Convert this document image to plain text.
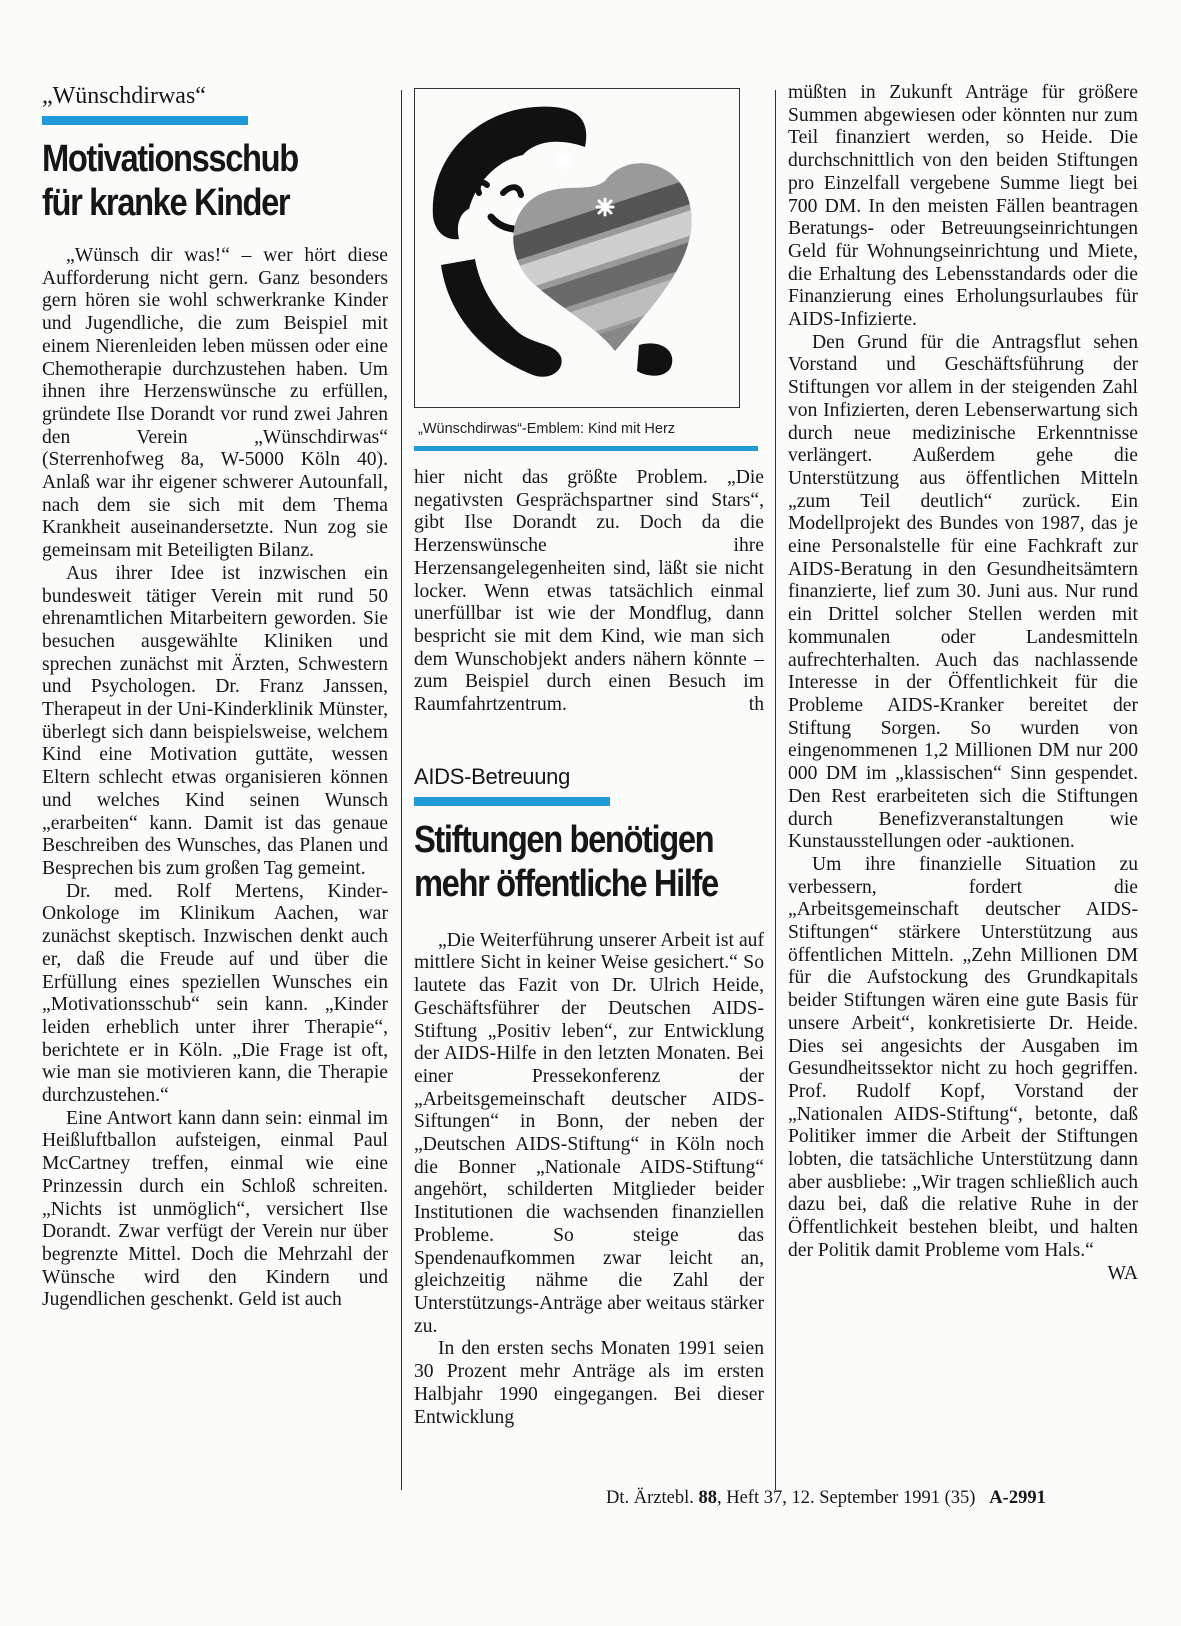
„Wünschdirwas“
Motivationsschub
für kranke Kinder

„Wünsch dir was!“ – wer hört diese Aufforderung nicht gern. Ganz besonders gern hören sie wohl schwerkranke Kinder und Jugendliche, die zum Beispiel mit einem Nierenleiden leben müssen oder eine Chemotherapie durchzustehen haben. Um ihnen ihre Herzenswünsche zu erfüllen, gründete Ilse Dorandt vor rund zwei Jahren den Verein „Wünschdirwas“ (Sterrenhofweg 8a, W-5000 Köln 40). Anlaß war ihr eigener schwerer Autounfall, nach dem sie sich mit dem Thema Krankheit auseinandersetzte. Nun zog sie gemeinsam mit Beteiligten Bilanz.

Aus ihrer Idee ist inzwischen ein bundesweit tätiger Verein mit rund 50 ehrenamtlichen Mitarbeitern geworden. Sie besuchen ausgewählte Kliniken und sprechen zunächst mit Ärzten, Schwestern und Psychologen. Dr. Franz Janssen, Therapeut in der Uni-Kinderklinik Münster, überlegt sich dann beispielsweise, welchem Kind eine Motivation guttäte, wessen Eltern schlecht etwas organisieren können und welches Kind seinen Wunsch „erarbeiten“ kann. Damit ist das genaue Beschreiben des Wunsches, das Planen und Besprechen bis zum großen Tag gemeint.

Dr. med. Rolf Mertens, Kinder-Onkologe im Klinikum Aachen, war zunächst skeptisch. Inzwischen denkt auch er, daß die Freude auf und über die Erfüllung eines speziellen Wunsches ein „Motivationsschub“ sein kann. „Kinder leiden erheblich unter ihrer Therapie“, berichtete er in Köln. „Die Frage ist oft, wie man sie motivieren kann, die Therapie durchzustehen.“

Eine Antwort kann dann sein: einmal im Heißluftballon aufsteigen, einmal Paul McCartney treffen, einmal wie eine Prinzessin durch ein Schloß schreiten. „Nichts ist unmöglich“, versichert Ilse Dorandt. Zwar verfügt der Verein nur über begrenzte Mittel. Doch die Mehrzahl der Wünsche wird den Kindern und Jugendlichen geschenkt. Geld ist auch

„Wünschdirwas“-Emblem: Kind mit Herz

hier nicht das größte Problem. „Die negativsten Gesprächspartner sind Stars“, gibt Ilse Dorandt zu. Doch da die Herzenswünsche ihre Herzensangelegenheiten sind, läßt sie nicht locker. Wenn etwas tatsächlich einmal unerfüllbar ist wie der Mondflug, dann bespricht sie mit dem Kind, wie man sich dem Wunschobjekt anders nähern könnte – zum Beispiel durch einen Besuch im Raumfahrtzentrum.	th

AIDS-Betreuung
Stiftungen benötigen
mehr öffentliche Hilfe

„Die Weiterführung unserer Arbeit ist auf mittlere Sicht in keiner Weise gesichert.“ So lautete das Fazit von Dr. Ulrich Heide, Geschäftsführer der Deutschen AIDS-Stiftung „Positiv leben“, zur Entwicklung der AIDS-Hilfe in den letzten Monaten. Bei einer Pressekonferenz der „Arbeitsgemeinschaft deutscher AIDS-Siftungen“ in Bonn, der neben der „Deutschen AIDS-Stiftung“ in Köln noch die Bonner „Nationale AIDS-Stiftung“ angehört, schilderten Mitglieder beider Institutionen die wachsenden finanziellen Probleme. So steige das Spendenaufkommen zwar leicht an, gleichzeitig nähme die Zahl der Unterstützungs-Anträge aber weitaus stärker zu.

In den ersten sechs Monaten 1991 seien 30 Prozent mehr Anträge als im ersten Halbjahr 1990 eingegangen. Bei dieser Entwicklung

müßten in Zukunft Anträge für größere Summen abgewiesen oder könnten nur zum Teil finanziert werden, so Heide. Die durchschnittlich von den beiden Stiftungen pro Einzelfall vergebene Summe liegt bei 700 DM. In den meisten Fällen beantragen Beratungs- oder Betreuungseinrichtungen Geld für Wohnungseinrichtung und Miete, die Erhaltung des Lebensstandards oder die Finanzierung eines Erholungsurlaubes für AIDS-Infizierte.

Den Grund für die Antragsflut sehen Vorstand und Geschäftsführung der Stiftungen vor allem in der steigenden Zahl von Infizierten, deren Lebenserwartung sich durch neue medizinische Erkenntnisse verlängert. Außerdem gehe die Unterstützung aus öffentlichen Mitteln „zum Teil deutlich“ zurück. Ein Modellprojekt des Bundes von 1987, das je eine Personalstelle für eine Fachkraft zur AIDS-Beratung in den Gesundheitsämtern finanzierte, lief zum 30. Juni aus. Nur rund ein Drittel solcher Stellen werden mit kommunalen oder Landesmitteln aufrechterhalten. Auch das nachlassende Interesse in der Öffentlichkeit für die Probleme AIDS-Kranker bereitet der Stiftung Sorgen. So wurden von eingenommenen 1,2 Millionen DM nur 200 000 DM im „klassischen“ Sinn gespendet. Den Rest erarbeiteten sich die Stiftungen durch Benefizveranstaltungen wie Kunstausstellungen oder -auktionen.

Um ihre finanzielle Situation zu verbessern, fordert die „Arbeitsgemeinschaft deutscher AIDS-Stiftungen“ stärkere Unterstützung aus öffentlichen Mitteln. „Zehn Millionen DM für die Aufstockung des Grundkapitals beider Stiftungen wären eine gute Basis für unsere Arbeit“, konkretisierte Dr. Heide. Dies sei angesichts der Ausgaben im Gesundheitssektor nicht zu hoch gegriffen. Prof. Rudolf Kopf, Vorstand der „Nationalen AIDS-Stiftung“, betonte, daß Politiker immer die Arbeit der Stiftungen lobten, die tatsächliche Unterstützung dann aber ausbliebe: „Wir tragen schließlich auch dazu bei, daß die relative Ruhe in der Öffentlichkeit bestehen bleibt, und halten der Politik damit Probleme vom Hals.“

WA

Dt. Ärztebl. 88, Heft 37, 12. September 1991 (35) A-2991
